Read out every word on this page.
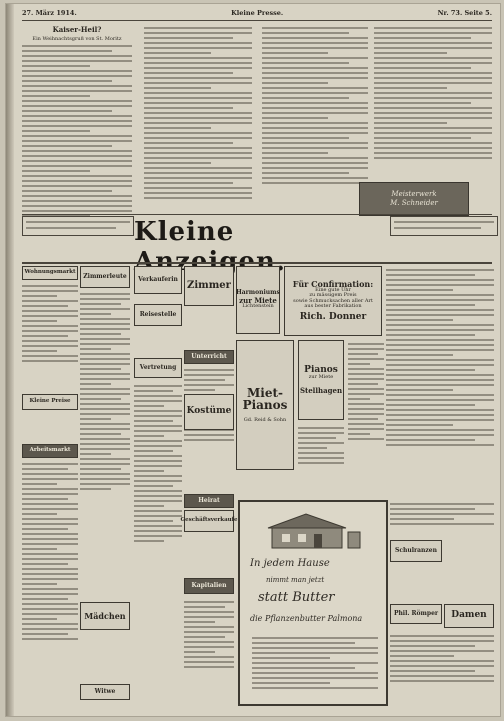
27. März 1914.	Kleine Presse.	Nr. 73. Seite 5.
Kaiser-Heil?
Ein Weihnachtsgruß von St. Moritz
Meisterwerk
M. Schneider
Kleine
Wohnungsmarkt
Kleine Preise
Arbeitsmarkt
Zimmerleute
Mädchen
Witwe
Verkauferin
Reisestelle
Vertretung
Zimmer
Unterricht
Heirat
Geschäftsverkaufe
Kapitalien
Harmoniums
zur Miete
Lichtenstein
Miet-Pianos
Gd. Reid & Sohn
Kostüme
Pianos
zur Miete
Stellhagen
Für Confirmation:
Eine gute Uhr
zu mässigem Preis
sowie Schmucksachen aller Art
aus bester Fabrikation
Rich. Donner
Schulranzen
Phil. Römper Damen
In jedem Hause
nimmt man jetzt
statt Butter
die Pflanzenbutter Palmona
